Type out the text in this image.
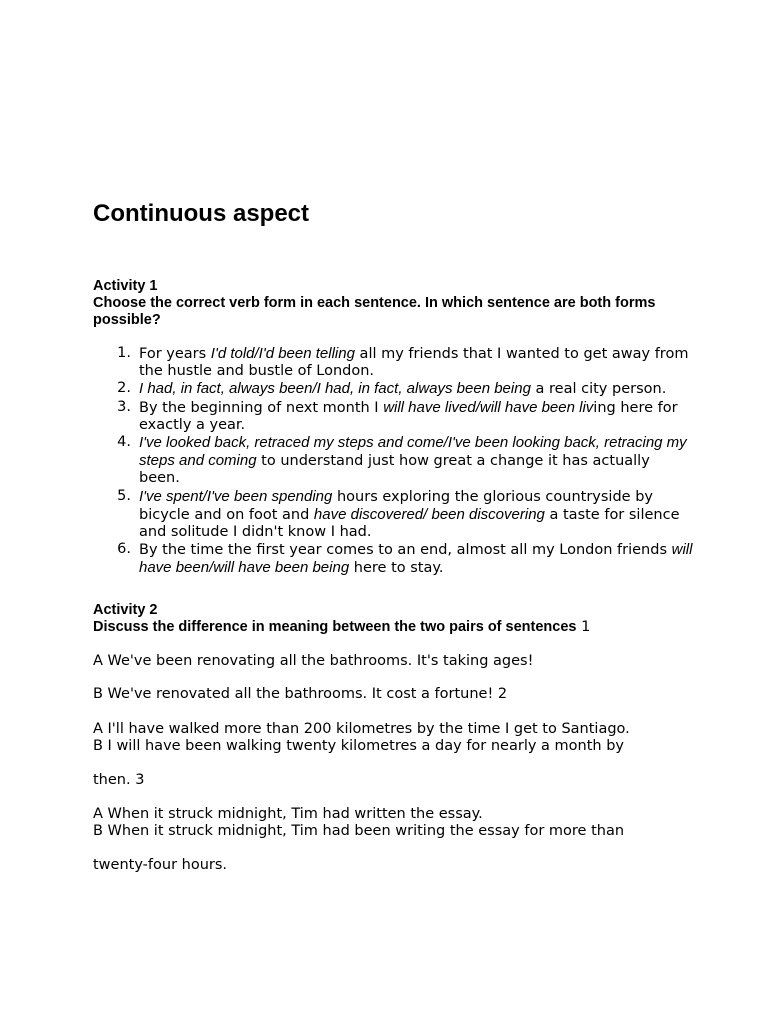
Continuous aspect

Activity 1

Choose the correct verb form in each sentence. In which sentence are both forms possible?

1. For years I'd told/I'd been telling all my friends that I wanted to get away from the hustle and bustle of London.
2. I had, in fact, always been/I had, in fact, always been being a real city person.
3. By the beginning of next month I will have lived/will have been living here for exactly a year.
4. I've looked back, retraced my steps and come/I've been looking back, retracing my steps and coming to understand just how great a change it has actually been.
5. I've spent/I've been spending hours exploring the glorious countryside by bicycle and on foot and have discovered/ been discovering a taste for silence and solitude I didn't know I had.
6. By the time the first year comes to an end, almost all my London friends will have been/will have been being here to stay.

Activity 2

Discuss the difference in meaning between the two pairs of sentences 1

A We've been renovating all the bathrooms. It's taking ages!

B We've renovated all the bathrooms. It cost a fortune! 2

A I'll have walked more than 200 kilometres by the time I get to Santiago.

B I will have been walking twenty kilometres a day for nearly a month by

then. 3

A When it struck midnight, Tim had written the essay.

B When it struck midnight, Tim had been writing the essay for more than

twenty-four hours.
